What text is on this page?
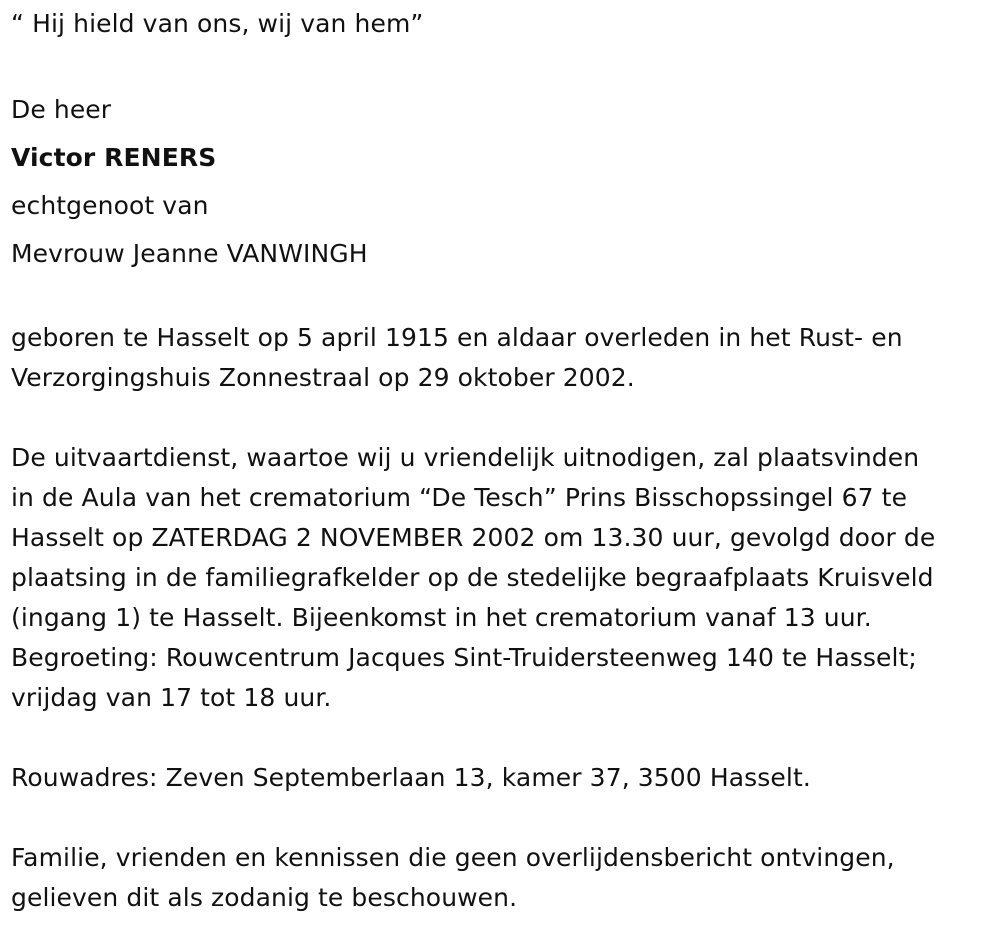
“ Hij hield van ons, wij van hem”

De heer

Victor RENERS

echtgenoot van

Mevrouw Jeanne VANWINGH

geboren te Hasselt op 5 april 1915 en aldaar overleden in het Rust- en

Verzorgingshuis Zonnestraal op 29 oktober 2002.

De uitvaartdienst, waartoe wij u vriendelijk uitnodigen, zal plaatsvinden

in de Aula van het crematorium “De Tesch” Prins Bisschopssingel 67 te

Hasselt op ZATERDAG 2 NOVEMBER 2002 om 13.30 uur, gevolgd door de

plaatsing in de familiegrafkelder op de stedelijke begraafplaats Kruisveld

(ingang 1) te Hasselt. Bijeenkomst in het crematorium vanaf 13 uur.

Begroeting: Rouwcentrum Jacques Sint-Truidersteenweg 140 te Hasselt;

vrijdag van 17 tot 18 uur.

Rouwadres: Zeven Septemberlaan 13, kamer 37, 3500 Hasselt.

Familie, vrienden en kennissen die geen overlijdensbericht ontvingen,

gelieven dit als zodanig te beschouwen.
